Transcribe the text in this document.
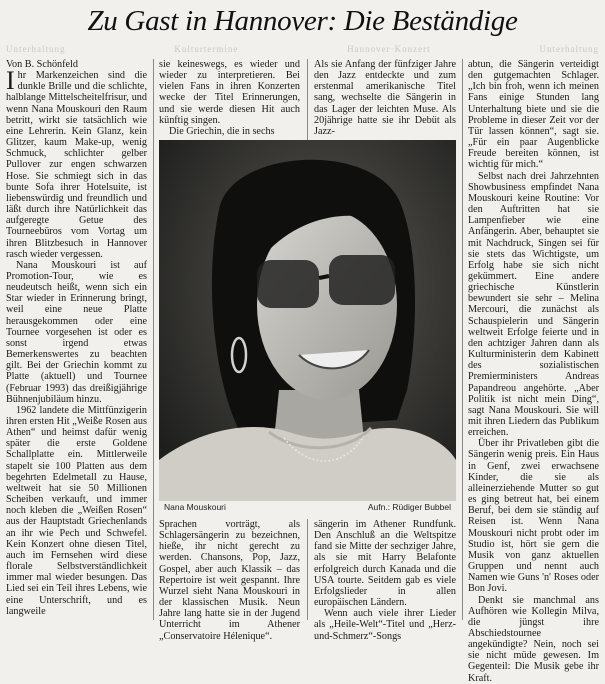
Zu Gast in Hannover: Die Beständige
Unterhaltung	Kulturtermine	Hannover·Konzert	Unterhaltung

Von B. Schönfeld

Ihr Markenzeichen sind die dunkle Brille und die schlichte, halblange Mittelscheitelfrisur, und wenn Nana Mouskouri den Raum betritt, wirkt sie tatsächlich wie eine Lehrerin. Kein Glanz, kein Glitzer, kaum Make-up, wenig Schmuck, schlichter gelber Pullover zur engen schwarzen Hose. Sie schmiegt sich in das bunte Sofa ihrer Hotelsuite, ist liebenswürdig und freundlich und läßt durch ihre Natürlichkeit das aufgeregte Getue des Tourneebüros vom Vortag um ihren Blitzbesuch in Hannover rasch wieder vergessen.

Nana Mouskouri ist auf Promotion-Tour, wie es neudeutsch heißt, wenn sich ein Star wieder in Erinnerung bringt, weil eine neue Platte herausgekommen oder eine Tournee vorgesehen ist oder es sonst irgend etwas Bemerkenswertes zu beachten gilt. Bei der Griechin kommt zu Platte (aktuell) und Tournee (Februar 1993) das dreißigjährige Bühnenjubiläum hinzu.

1962 landete die Mittfünzigerin ihren ersten Hit „Weiße Rosen aus Athen“ und heimst dafür wenig später die erste Goldene Schallplatte ein. Mittlerweile stapelt sie 100 Platten aus dem begehrten Edelmetall zu Hause, weltweit hat sie 50 Millionen Scheiben verkauft, und immer noch kleben die „Weißen Rosen“ aus der Hauptstadt Griechenlands an ihr wie Pech und Schwefel. Kein Konzert ohne diesen Titel, auch im Fernsehen wird diese florale Selbstverständlichkeit immer mal wieder besungen. Das Lied sei ein Teil ihres Lebens, wie eine Unterschrift, und es langweile

sie keineswegs, es wieder und wieder zu interpretieren. Bei vielen Fans in ihren Konzerten wecke der Titel Erinnerungen, und sie werde diesen Hit auch künftig singen.

Die Griechin, die in sechs

Als sie Anfang der fünfziger Jahre den Jazz entdeckte und zum erstenmal amerikanische Titel sang, wechselte die Sängerin in das Lager der leichten Muse. Als 20jährige hatte sie ihr Debüt als Jazz-

Nana Mouskouri	Aufn.: Rüdiger Bubbel

Sprachen vorträgt, als Schlagersängerin zu bezeichnen, hieße, ihr nicht gerecht zu werden. Chansons, Pop, Jazz, Gospel, aber auch Klassik – das Repertoire ist weit gespannt. Ihre Wurzel sieht Nana Mouskouri in der klassischen Musik. Neun Jahre lang hatte sie in der Jugend Unterricht im Athener „Conservatoire Hélenique“.

sängerin im Athener Rundfunk. Den Anschluß an die Weltspitze fand sie Mitte der sechziger Jahre, als sie mit Harry Belafonte erfolgreich durch Kanada und die USA tourte. Seitdem gab es viele Erfolgslieder in allen europäischen Ländern.

Wenn auch viele ihrer Lieder als „Heile-Welt“-Titel und „Herz-und-Schmerz“-Songs

abtun, die Sängerin verteidigt den gutgemachten Schlager. „Ich bin froh, wenn ich meinen Fans einige Stunden lang Unterhaltung biete und sie die Probleme in dieser Zeit vor der Tür lassen können“, sagt sie. „Für ein paar Augenblicke Freude bereiten können, ist wichtig für mich.“

Selbst nach drei Jahrzehnten Showbusiness empfindet Nana Mouskouri keine Routine: Vor den Auftritten hat sie Lampenfieber wie eine Anfängerin. Aber, behauptet sie mit Nachdruck, Singen sei für sie stets das Wichtigste, um Erfolg habe sie sich nicht gekümmert. Eine andere griechische Künstlerin bewundert sie sehr – Melina Mercouri, die zunächst als Schauspielerin und Sängerin weltweit Erfolge feierte und in den achtziger Jahren dann als Kulturministerin dem Kabinett des sozialistischen Premierministers Andreas Papandreou angehörte. „Aber Politik ist nicht mein Ding“, sagt Nana Mouskouri. Sie will mit ihren Liedern das Publikum erreichen.

Über ihr Privatleben gibt die Sängerin wenig preis. Ein Haus in Genf, zwei erwachsene Kinder, die sie als alleinerziehende Mutter so gut es ging betreut hat, bei einem Beruf, bei dem sie ständig auf Reisen ist. Wenn Nana Mouskouri nicht probt oder im Studio ist, hört sie gern die Musik von ganz aktuellen Gruppen und nennt auch Namen wie Guns 'n' Roses oder Bon Jovi.

Denkt sie manchmal ans Aufhören wie Kollegin Milva, die jüngst ihre Abschiedstournee angekündigte? Nein, noch sei sie nicht müde gewesen. Im Gegenteil: Die Musik gebe ihr Kraft.
